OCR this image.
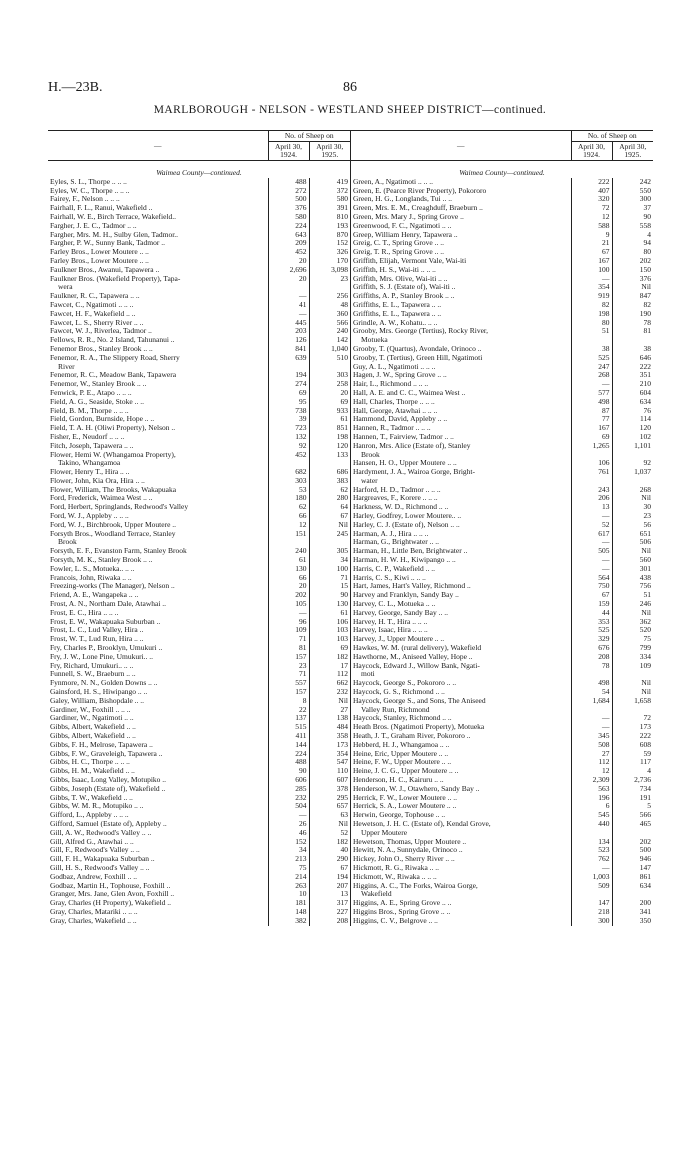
H.—23B.	86
MARLBOROUGH - NELSON - WESTLAND SHEEP DISTRICT—continued.
—	No. of Sheep on
April 30, 1924.	April 30, 1925.
Waimea County—continued.
Eyles, S. L., Thorpe .. .. ..	488	419
Eyles, W. C., Thorpe .. .. ..	272	372
Fairey, F., Nelson .. .. ..	500	580
Fairhall, F. L., Ranui, Wakefield ..	376	391
Fairhall, W. E., Birch Terrace, Wakefield..	580	810
Fargher, J. E. C., Tadmor .. ..	224	193
Fargher, Mrs. M. H., Sulby Glen, Tadmor..	643	870
Fargher, P. W., Sunny Bank, Tadmor ..	209	152
Farley Bros., Lower Moutere .. ..	452	326
Farley Bros., Lower Moutere .. ..	20	170
Faulkner Bros., Awanui, Tapawera ..	2,696	3,098
Faulkner Bros. (Wakefield Property), Tapa-	20	23
wera		
Faulkner, R. C., Tapawera .. ..	—	256
Fawcet, C., Ngatimoti .. .. ..	41	48
Fawcet, H. F., Wakefield .. ..	—	360
Fawcet, L. S., Sherry River .. ..	445	566
Fawcet, W. J., Riverlea, Tadmor ..	203	240
Fellows, R. R., No. 2 Island, Tahunanui ..	126	142
Fenemor Bros., Stanley Brook .. ..	841	1,040
Fenemor, R. A., The Slippery Road, Sherry	639	510
River		
Fenemor, R. C., Meadow Bank, Tapawera	194	303
Fenemor, W., Stanley Brook .. ..	274	258
Fenwick, P. E., Atapo .. .. ..	69	20
Field, A. G., Seaside, Stoke .. ..	95	69
Field, B. M., Thorpe .. .. ..	738	933
Field, Gordon, Burnside, Hope .. ..	39	61
Field, T. A. H. (Oliwi Property), Nelson ..	723	851
Fisher, E., Neudorf .. .. ..	132	198
Fitch, Joseph, Tapawera .. ..	92	120
Flower, Hemi W. (Whangamoa Property),	452	133
Takino, Whangamoa		
Flower, Henry T., Hira .. ..	682	686
Flower, John, Kia Ora, Hira .. ..	303	383
Flower, William, The Brooks, Wakapuaka	53	62
Ford, Frederick, Waimea West .. ..	180	280
Ford, Herbert, Springlands, Redwood's Valley	62	64
Ford, W. J., Appleby .. .. ..	66	67
Ford, W. J., Birchbrook, Upper Moutere ..	12	Nil
Forsyth Bros., Woodland Terrace, Stanley	151	245
Brook		
Forsyth, E. F., Evanston Farm, Stanley Brook	240	305
Forsyth, M. K., Stanley Brook .. ..	61	34
Fowler, L. S., Motueka.. .. ..	130	100
Francois, John, Riwaka .. ..	66	71
Freezing-works (The Manager), Nelson ..	20	15
Friend, A. E., Wangapeka .. ..	202	90
Frost, A. N., Northam Dale, Atawhai ..	105	130
Frost, E. C., Hira .. .. ..	—	61
Frost, E. W., Wakapuaka Suburban ..	96	106
Frost, L. C., Lud Valley, Hira ..	109	103
Frost, W. T., Lud Run, Hira .. ..	71	103
Fry, Charles P., Brooklyn, Umukuri ..	81	69
Fry, J. W., Lone Pine, Umukuri.. ..	157	182
Fry, Richard, Umukuri.. .. ..	23	17
Funnell, S. W., Braeburn .. ..	71	112
Fynmore, N. N., Golden Downs .. ..	557	662
Gainsford, H. S., Hiwipango .. ..	157	232
Galey, William, Bishopdale .. ..	8	Nil
Gardiner, W., Foxhill .. .. ..	22	27
Gardiner, W., Ngatimoti .. ..	137	138
Gibbs, Albert, Wakefield .. ..	515	484
Gibbs, Albert, Wakefield .. ..	411	358
Gibbs, F. H., Melrose, Tapawera ..	144	173
Gibbs, F. W., Graveleigh, Tapawera ..	224	354
Gibbs, H. C., Thorpe .. .. ..	488	547
Gibbs, H. M., Wakefield .. ..	90	110
Gibbs, Isaac, Long Valley, Motupiko ..	606	607
Gibbs, Joseph (Estate of), Wakefield ..	285	378
Gibbs, T. W., Wakefield .. ..	232	295
Gibbs, W. M. R., Motupiko .. ..	504	657
Gifford, L., Appleby .. .. ..	—	63
Gifford, Samuel (Estate of), Appleby ..	26	Nil
Gill, A. W., Redwood's Valley .. ..	46	52
Gill, Alfred G., Atawhai .. ..	152	182
Gill, F., Redwood's Valley .. ..	34	40
Gill, F. H., Wakapuaka Suburban ..	213	290
Gill, H. S., Redwood's Valley .. ..	75	67
Godbaz, Andrew, Foxhill .. ..	214	194
Godbaz, Martin H., Tophouse, Foxhill ..	263	207
Granger, Mrs. Jane, Glen Avon, Foxhill ..	10	13
Gray, Charles (H Property), Wakefield ..	181	317
Gray, Charles, Matariki .. .. ..	148	227
Gray, Charles, Wakefield .. ..	382	208

—	No. of Sheep on
April 30, 1924.	April 30, 1925.
Waimea County—continued.
Green, A., Ngatimoti .. .. ..	222	242
Green, E. (Pearce River Property), Pokororo	407	550
Green, H. G., Longlands, Tui .. ..	320	300
Green, Mrs. E. M., Creaghduff, Braeburn ..	72	37
Green, Mrs. Mary J., Spring Grove ..	12	90
Greenwood, F. C., Ngatimoti .. ..	588	558
Greep, William Henry, Tapawera ..	9	4
Greig, C. T., Spring Grove .. ..	21	94
Greig, T. R., Spring Grove .. ..	67	80
Griffith, Elijah, Vermont Vale, Wai-iti	167	202
Griffith, H. S., Wai-iti .. .. ..	100	150
Griffith, Mrs. Olive, Wai-iti .. ..	—	376
Griffith, S. J. (Estate of), Wai-iti ..	354	Nil
Griffiths, A. P., Stanley Brook .. ..	919	847
Griffiths, E. L., Tapawera .. ..	82	82
Griffiths, E. L., Tapawera .. ..	198	190
Grindle, A. W., Kohatu.. .. ..	80	78
Grooby, Mrs. George (Tertius), Rocky River,	51	81
Motueka		
Grooby, T. (Quartus), Avondale, Orinoco ..	38	38
Grooby, T. (Tertius), Green Hill, Ngatimoti	525	646
Guy, A. L., Ngatimoti .. .. ..	247	222
Hagen, J. W., Spring Grove .. ..	268	351
Hair, L., Richmond .. .. ..	—	210
Hall, A. E. and C. C., Waimea West ..	577	604
Hall, Charles, Thorpe .. .. ..	498	634
Hall, George, Atawhai .. .. ..	87	76
Hammond, David, Appleby .. ..	77	114
Hannen, R., Tadmor .. .. ..	167	120
Hannen, T., Fairview, Tadmor .. ..	69	102
Hanron, Mrs. Alice (Estate of), Stanley	1,265	1,101
Brook		
Hansen, H. O., Upper Moutere .. ..	106	92
Hardyment, J. A., Wairoa Gorge, Bright-	761	1,037
water		
Harford, H. D., Tadmor .. .. ..	243	268
Hargreaves, F., Korere .. .. ..	206	Nil
Harkness, W. D., Richmond .. ..	13	30
Harley, Godfrey, Lower Moutere.. ..	—	23
Harley, C. J. (Estate of), Nelson .. ..	52	56
Harman, A. J., Hira .. .. ..	617	651
Harman, G., Brightwater .. ..	—	506
Harman, H., Little Ben, Brightwater ..	505	Nil
Harman, H. W. H., Kiwipango .. ..	—	560
Harris, C. P., Wakefield .. ..	—	301
Harris, C. S., Kiwi .. .. ..	564	438
Hart, James, Hart's Valley, Richmond ..	750	756
Harvey and Franklyn, Sandy Bay ..	67	51
Harvey, C. L., Motueka .. ..	159	246
Harvey, George, Sandy Bay .. ..	44	Nil
Harvey, H. T., Hira .. .. ..	353	362
Harvey, Isaac, Hira .. .. ..	525	520
Harvey, J., Upper Moutere .. ..	329	75
Hawkes, W. M. (rural delivery), Wakefield	676	799
Hawthorne, M., Aniseed Valley, Hope ..	208	334
Haycock, Edward J., Willow Bank, Ngati-	78	109
moti		
Haycock, George S., Pokororo .. ..	498	Nil
Haycock, G. S., Richmond .. ..	54	Nil
Haycock, George S., and Sons, The Aniseed	1,684	1,658
Valley Run, Richmond		
Haycock, Stanley, Richmond .. ..	—	72
Heath Bros. (Ngatimoti Property), Motueka	—	173
Heath, J. T., Graham River, Pokororo ..	345	222
Hebberd, H. J., Whangamoa .. ..	508	608
Heine, Eric, Upper Moutere .. ..	27	59
Heine, F. W., Upper Moutere .. ..	112	117
Heine, J. C. G., Upper Moutere .. ..	12	4
Henderson, H. C., Kairuru .. ..	2,309	2,736
Henderson, W. J., Otawhero, Sandy Bay ..	563	734
Herrick, F. W., Lower Moutere .. ..	196	191
Herrick, S. A., Lower Moutere .. ..	6	5
Herwin, George, Tophouse .. ..	545	566
Hewetson, J. H. C. (Estate of), Kendal Grove,	440	465
Upper Moutere		
Hewetson, Thomas, Upper Moutere ..	134	202
Hewitt, N. A., Sunnydale, Orinoco ..	523	500
Hickey, John O., Sherry River .. ..	762	946
Hickmott, R. G., Riwaka .. ..	—	147
Hickmott, W., Riwaka .. .. ..	1,003	861
Higgins, A. C., The Forks, Wairoa Gorge,	509	634
Wakefield		
Higgins, A. E., Spring Grove .. ..	147	200
Higgins Bros., Spring Grove .. ..	218	341
Higgins, C. V., Belgrove .. ..	300	350
